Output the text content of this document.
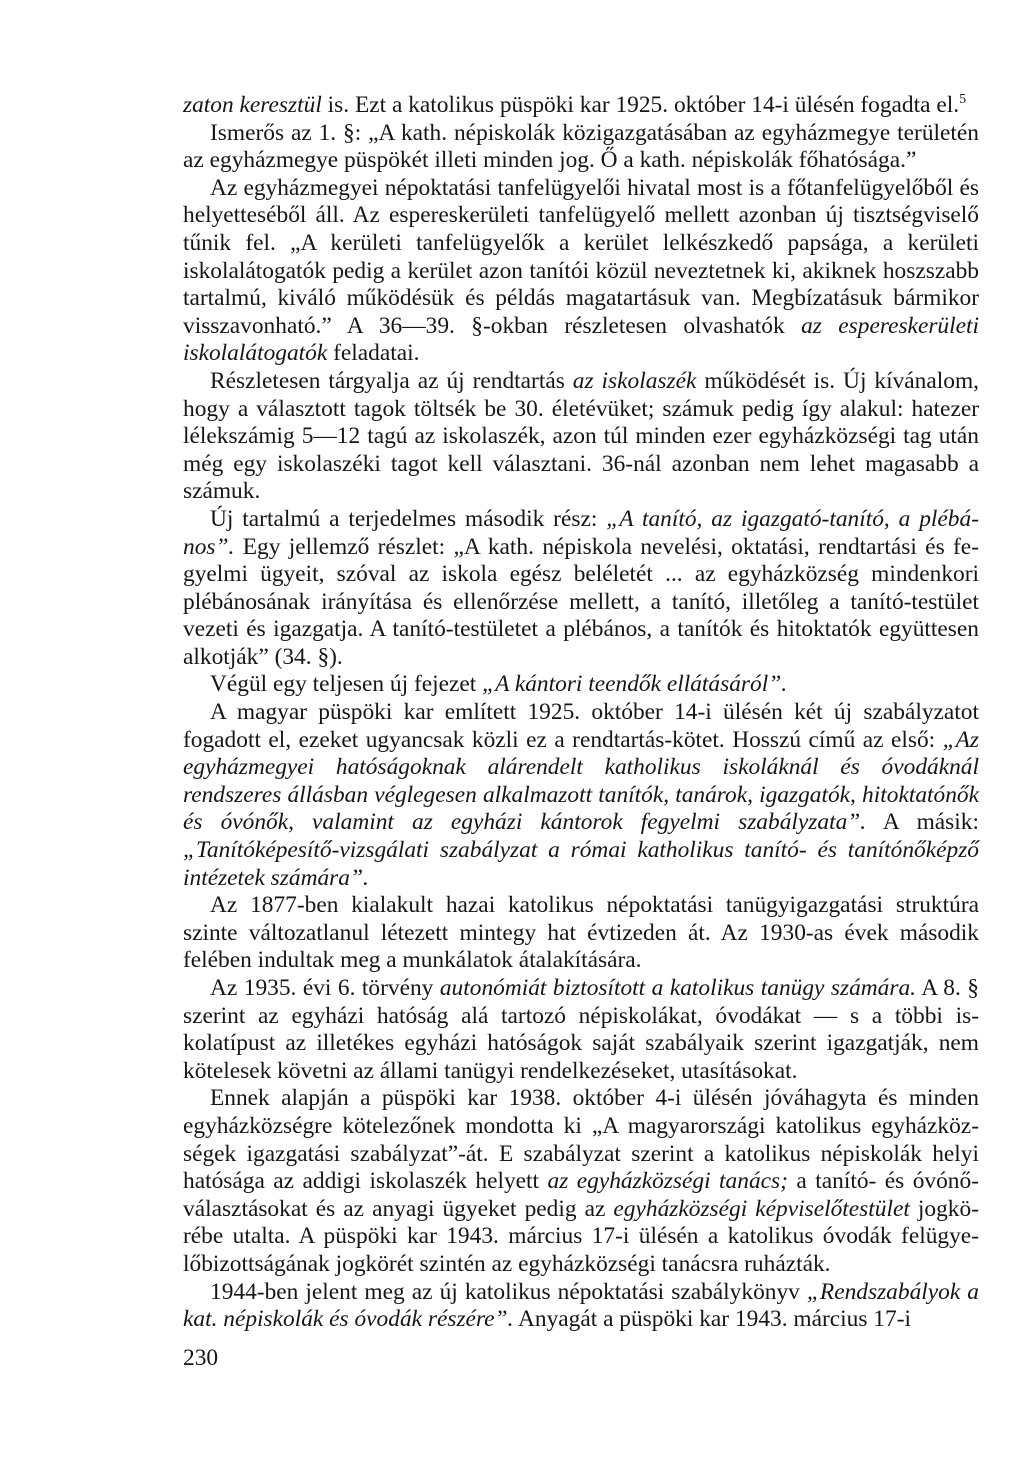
zaton keresztül is. Ezt a katolikus püspöki kar 1925. október 14-i ülésén fogadta el.$^5$

Ismerős az 1. §: „A kath. népiskolák közigazgatásában az egyházmegye területén az egyházmegye püspökét illeti minden jog. Ő a kath. népiskolák főhatósága.”

Az egyházmegyei népoktatási tanfelügyelői hivatal most is a főtanfelügyelőből és helyetteséből áll. Az espereskerületi tanfelügyelő mellett azonban új tisztségviselő tűnik fel. „A kerületi tanfelügyelők a kerület lelkészkedő papsága, a kerületi iskolalátogatók pedig a kerület azon tanítói közül neveztetnek ki, akiknek hoszszabb tartalmú, kiváló működésük és példás magatartásuk van. Megbízatásuk bármikor visszavonható.” A 36—39. §-okban részletesen olvashatók az espereskerületi iskolalátogatók feladatai.

Részletesen tárgyalja az új rendtartás az iskolaszék működését is. Új kívánalom, hogy a választott tagok töltsék be 30. életévüket; számuk pedig így alakul: hatezer lélekszámig 5—12 tagú az iskolaszék, azon túl minden ezer egyházközségi tag után még egy iskolaszéki tagot kell választani. 36-nál azonban nem lehet magasabb a számuk.

Új tartalmú a terjedelmes második rész: „A tanító, az igazgató-tanító, a plébános”. Egy jellemző részlet: „A kath. népiskola nevelési, oktatási, rendtartási és fegyelmi ügyeit, szóval az iskola egész beléletét ... az egyházközség mindenkori plébánosának irányítása és ellenőrzése mellett, a tanító, illetőleg a tanító-testület vezeti és igazgatja. A tanító-testületet a plébános, a tanítók és hitoktatók együttesen alkotják” (34. §).

Végül egy teljesen új fejezet „A kántori teendők ellátásáról”.

A magyar püspöki kar említett 1925. október 14-i ülésén két új szabályzatot fogadott el, ezeket ugyancsak közli ez a rendtartás-kötet. Hosszú című az első: „Az egyházmegyei hatóságoknak alárendelt katholikus iskoláknál és óvodáknál rendszeres állásban véglegesen alkalmazott tanítók, tanárok, igazgatók, hitoktatónők és óvónők, valamint az egyházi kántorok fegyelmi szabályzata”. A másik: „Tanítóképesítő-vizsgálati szabályzat a római katholikus tanító- és tanítónőképző intézetek számára”.

Az 1877-ben kialakult hazai katolikus népoktatási tanügyigazgatási struktúra szinte változatlanul létezett mintegy hat évtizeden át. Az 1930-as évek második felében indultak meg a munkálatok átalakítására.

Az 1935. évi 6. törvény autonómiát biztosított a katolikus tanügy számára. A 8. § szerint az egyházi hatóság alá tartozó népiskolákat, óvodákat — s a többi iskolatípust az illetékes egyházi hatóságok saját szabályaik szerint igazgatják, nem kötelesek követni az állami tanügyi rendelkezéseket, utasításokat.

Ennek alapján a püspöki kar 1938. október 4-i ülésén jóváhagyta és minden egyházközségre kötelezőnek mondotta ki „A magyarországi katolikus egyházközségek igazgatási szabályzat”-át. E szabályzat szerint a katolikus népiskolák helyi hatósága az addigi iskolaszék helyett az egyházközségi tanács; a tanító- és óvónőválasztásokat és az anyagi ügyeket pedig az egyházközségi képviselőtestület jogkörébe utalta. A püspöki kar 1943. március 17-i ülésén a katolikus óvodák felügyelőbizottságának jogkörét szintén az egyházközségi tanácsra ruházták.

1944-ben jelent meg az új katolikus népoktatási szabálykönyv „Rendszabályok a kat. népiskolák és óvodák részére”. Anyagát a püspöki kar 1943. március 17-i

230
